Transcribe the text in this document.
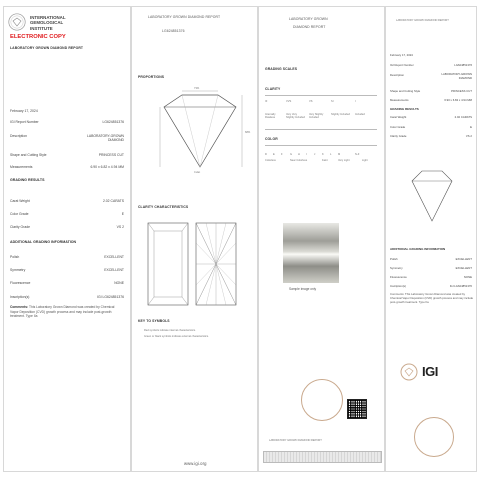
INTERNATIONAL
GEMOLOGICAL
INSTITUTE
ELECTRONIC COPY
LABORATORY GROWN DIAMOND REPORT
February 17, 2024
IGI Report Number	LG624851376
Description	LABORATORY-GROWN DIAMOND
Shape and Cutting Style	PRINCESS CUT
Measurements	6.90 x 6.82 x 4.94 MM
GRADING RESULTS
Carat Weight	2.02 CARATS
Color Grade	E
Clarity Grade	VS 2
ADDITIONAL GRADING INFORMATION
Polish	EXCELLENT
Symmetry	EXCELLENT
Fluorescence	NONE
Inscription(s)	IGI LG624851376
Comments: This Laboratory Grown Diamond was created by Chemical Vapor Deposition (CVD) growth process and may include post-growth treatment. Type IIa
LABORATORY GROWN DIAMOND REPORT
LG624851376
PROPORTIONS
73%
68%
Culet
CLARITY CHARACTERISTICS
KEY TO SYMBOLS
Red symbols indicate internal characteristics.
Green or black symbols indicate external characteristics.
www.igi.org
LABORATORY GROWN
DIAMOND REPORT
GRADING SCALES
CLARITY
IF	VVS	VS	SI	I
Internally Flawless
Very Very Slightly Included
Very Slightly Included
Slightly Included	Included
COLOR
D E F	G H I	J	K L	M	N-Z
Colorless	Near Colorless	Faint	Very Light	Light
Sample image only
LABORATORY GROWN DIAMOND REPORT
LABORATORY GROWN DIAMOND REPORT
February 17, 2024
IGI Report Number	LG624851376
Description	LABORATORY-GROWN DIAMOND
Shape and Cutting Style	PRINCESS CUT
Measurements	6.90 x 6.82 x 4.94 MM
GRADING RESULTS
Carat Weight	2.02 CARATS
Color Grade	E
Clarity Grade	VS 2
ADDITIONAL GRADING INFORMATION
Polish	EXCELLENT
Symmetry	EXCELLENT
Fluorescence	NONE
Inscription(s)	IGI LG624851376
Comments: This Laboratory Grown Diamond was created by Chemical Vapor Deposition (CVD) growth process and may include post-growth treatment. Type IIa
IGI
